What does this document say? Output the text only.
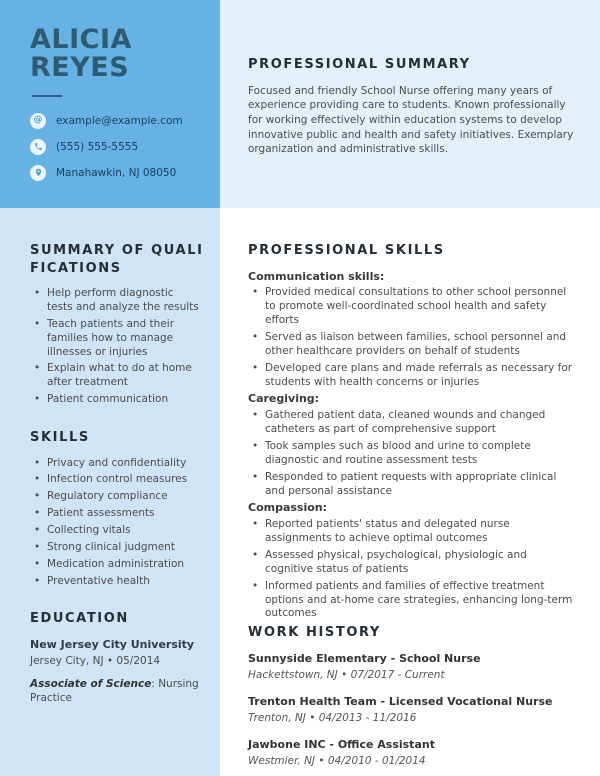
ALICIA REYES
@	example@example.com
(555) 555-5555
Manahawkin, NJ 08050
PROFESSIONAL SUMMARY

Focused and friendly School Nurse offering many years of experience providing care to students. Known professionally for working effectively within education systems to develop innovative public and health and safety initiatives. Exemplary organization and administrative skills.

SUMMARY OF QUALIFICATIONS
• Help perform diagnostic tests and analyze the results
• Teach patients and their families how to manage illnesses or injuries
• Explain what to do at home after treatment
• Patient communication
SKILLS
• Privacy and confidentiality
• Infection control measures
• Regulatory compliance
• Patient assessments
• Collecting vitals
• Strong clinical judgment
• Medication administration
• Preventative health
EDUCATION

New Jersey City University

Jersey City, NJ • 05/2014

Associate of Science: Nursing Practice

PROFESSIONAL SKILLS

Communication skills:

• Provided medical consultations to other school personnel to promote well-coordinated school health and safety efforts
• Served as liaison between families, school personnel and other healthcare providers on behalf of students
• Developed care plans and made referrals as necessary for students with health concerns or injuries

Caregiving:

• Gathered patient data, cleaned wounds and changed catheters as part of comprehensive support
• Took samples such as blood and urine to complete diagnostic and routine assessment tests
• Responded to patient requests with appropriate clinical and personal assistance

Compassion:

• Reported patients' status and delegated nurse assignments to achieve optimal outcomes
• Assessed physical, psychological, physiologic and cognitive status of patients
• Informed patients and families of effective treatment options and at-home care strategies, enhancing long-term outcomes
WORK HISTORY

Sunnyside Elementary - School Nurse

Hackettstown, NJ • 07/2017 - Current

Trenton Health Team - Licensed Vocational Nurse

Trenton, NJ • 04/2013 - 11/2016

Jawbone INC - Office Assistant

Westmier, NJ • 04/2010 - 01/2014
